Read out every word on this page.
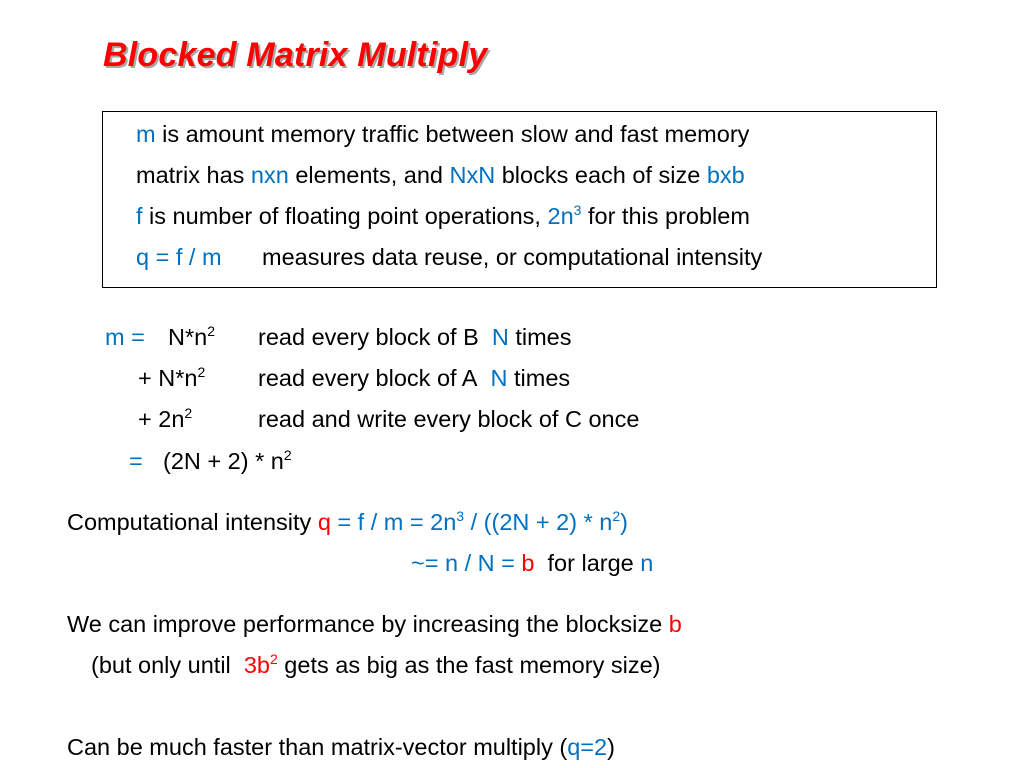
Blocked Matrix Multiply
m is amount memory traffic between slow and fast memory
matrix has nxn elements, and NxN blocks each of size bxb
f is number of floating point operations, $2n^3$ for this problem
q = f / m measures data reuse, or computational intensity
$m = N*n^2$ read every block of B N times
+ $N*n^2$ read every block of A N times
+ $2n^2$	read and write every block of C once
= $(2N + 2) * n^2$
Computational intensity $q = f / m = 2n^3 / ((2N + 2) * n^2)$
~= n / N = b  for large n
We can improve performance by increasing the blocksize b
(but only until  $3b^2$ gets as big as the fast memory size)
Can be much faster than matrix-vector multiply (q=2)
